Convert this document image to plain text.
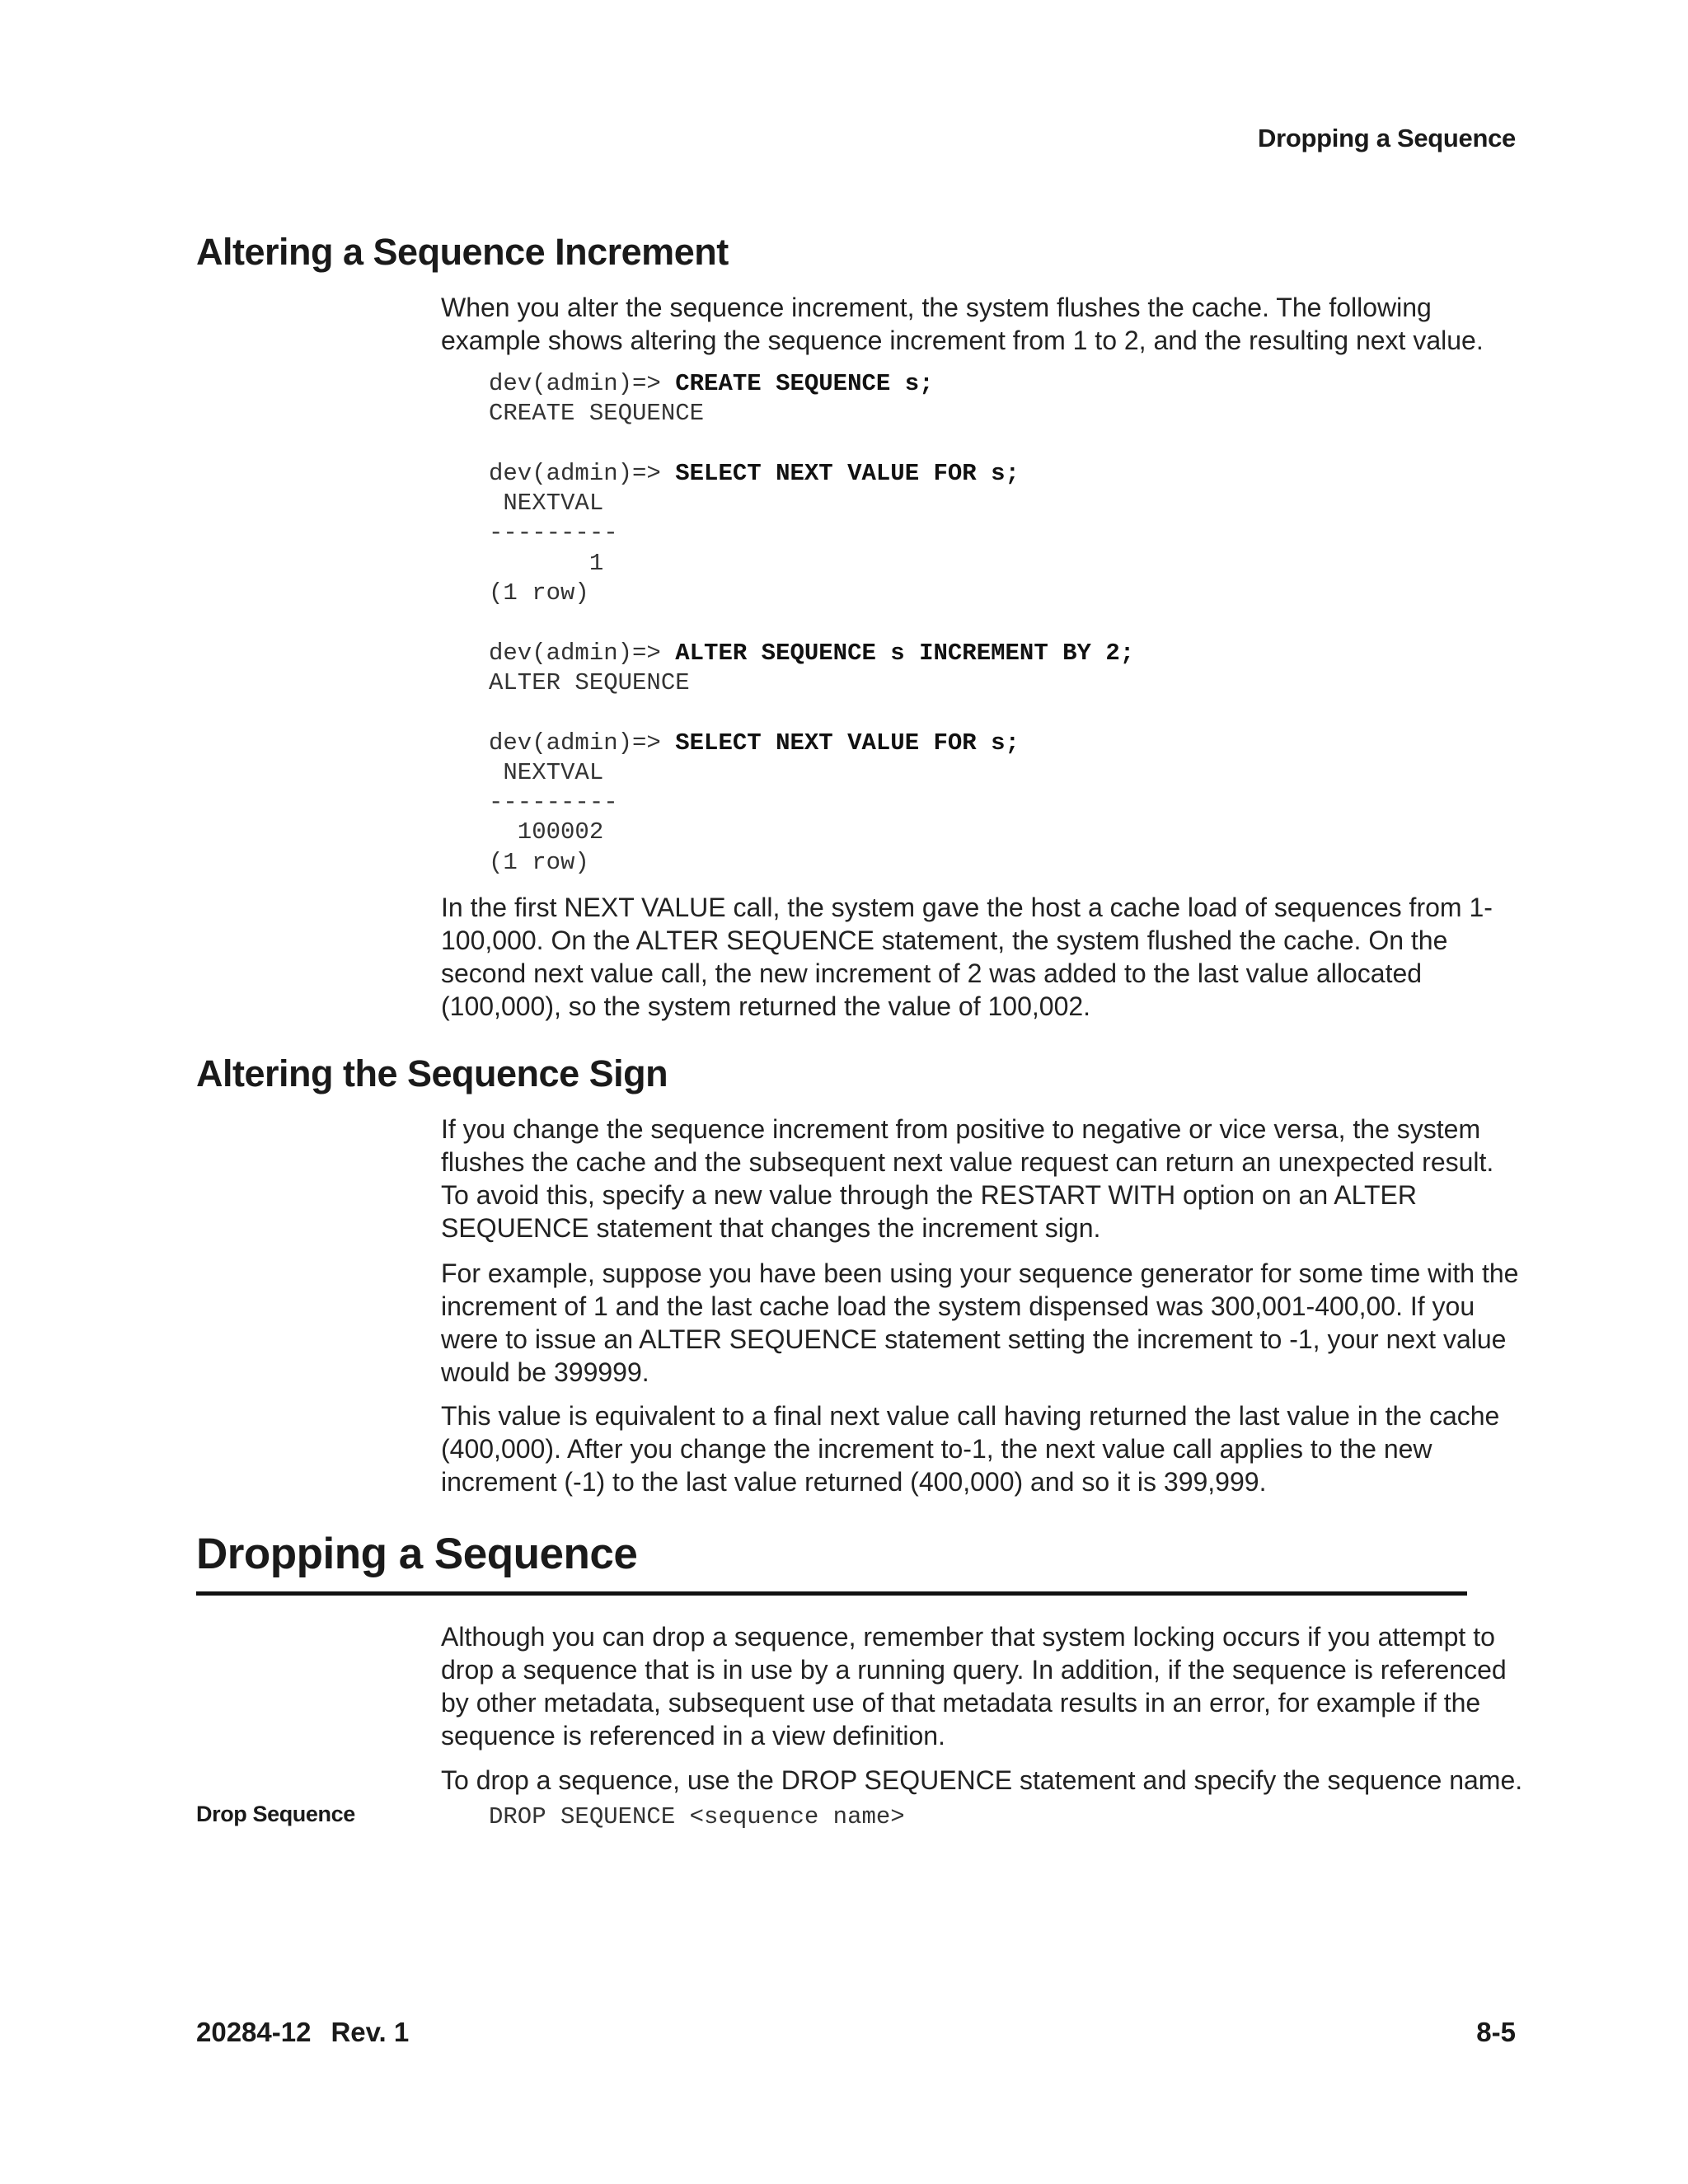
Dropping a Sequence
Altering a Sequence Increment

When you alter the sequence increment, the system flushes the cache. The following example shows altering the sequence increment from 1 to 2, and the resulting next value.

dev(admin)=> CREATE SEQUENCE s;
CREATE SEQUENCE
dev(admin)=> SELECT NEXT VALUE FOR s;
NEXTVAL
---------
1
(1 row)
dev(admin)=> ALTER SEQUENCE s INCREMENT BY 2;
ALTER SEQUENCE
dev(admin)=> SELECT NEXT VALUE FOR s;
NEXTVAL
---------
100002
(1 row)

In the first NEXT VALUE call, the system gave the host a cache load of sequences from 1-100,000. On the ALTER SEQUENCE statement, the system flushed the cache. On the second next value call, the new increment of 2 was added to the last value allocated (100,000), so the system returned the value of 100,002.

Altering the Sequence Sign

If you change the sequence increment from positive to negative or vice versa, the system flushes the cache and the subsequent next value request can return an unexpected result. To avoid this, specify a new value through the RESTART WITH option on an ALTER SEQUENCE statement that changes the increment sign.

For example, suppose you have been using your sequence generator for some time with the increment of 1 and the last cache load the system dispensed was 300,001-400,00. If you were to issue an ALTER SEQUENCE statement setting the increment to -1, your next value would be 399999.

This value is equivalent to a final next value call having returned the last value in the cache (400,000). After you change the increment to-1, the next value call applies to the new increment (-1) to the last value returned (400,000) and so it is 399,999.

Dropping a Sequence

Although you can drop a sequence, remember that system locking occurs if you attempt to drop a sequence that is in use by a running query. In addition, if the sequence is referenced by other metadata, subsequent use of that metadata results in an error, for example if the sequence is referenced in a view definition.

To drop a sequence, use the DROP SEQUENCE statement and specify the sequence name.

Drop Sequence	DROP SEQUENCE <sequence name>
20284-12 Rev. 1	8-5
